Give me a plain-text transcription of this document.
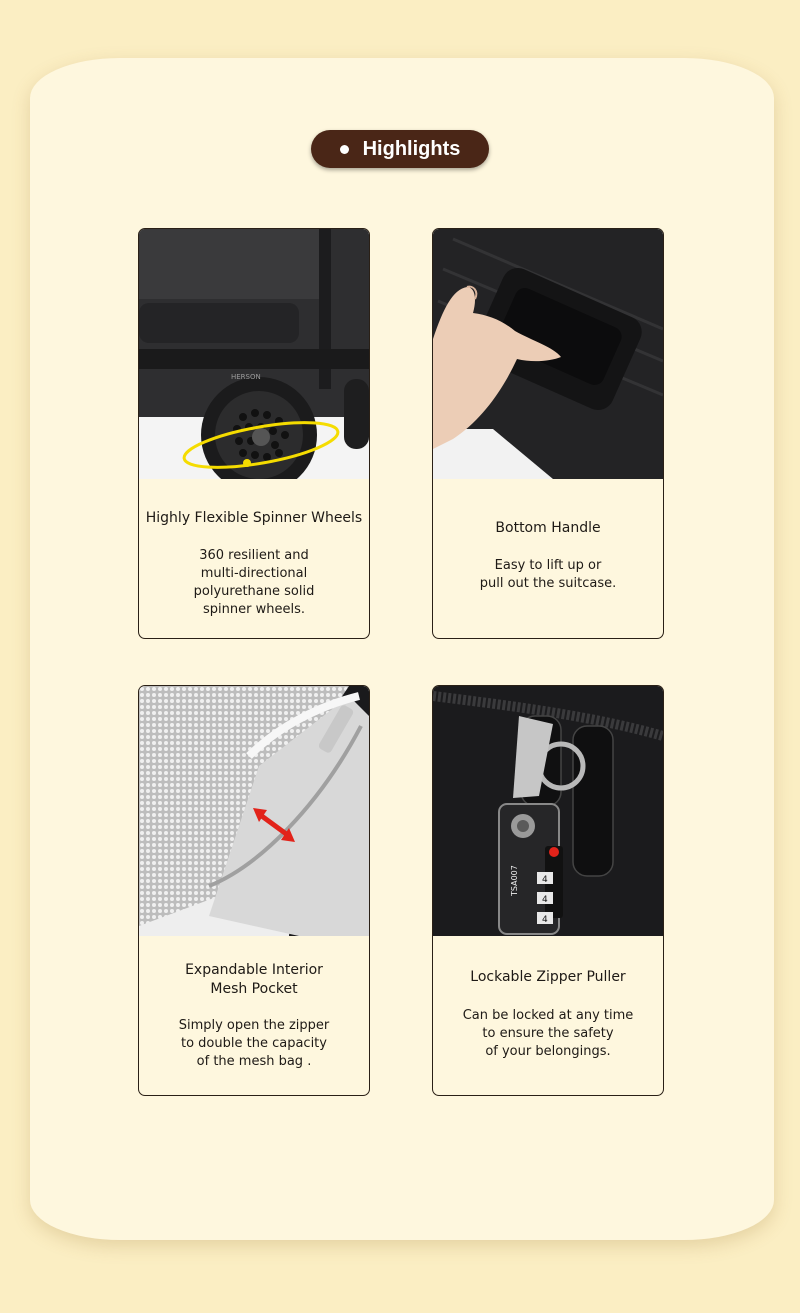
Highlights
HERSON
Highly Flexible Spinner Wheels
360 resilient and
multi-directional
polyurethane solid
spinner wheels.
Bottom Handle
Easy to lift up or
pull out the suitcase.
Expandable Interior
Mesh Pocket
Simply open the zipper
to double the capacity
of the mesh bag .
4
4
4
TSA007
Lockable Zipper Puller
Can be locked at any time
to ensure the safety
of your belongings.
